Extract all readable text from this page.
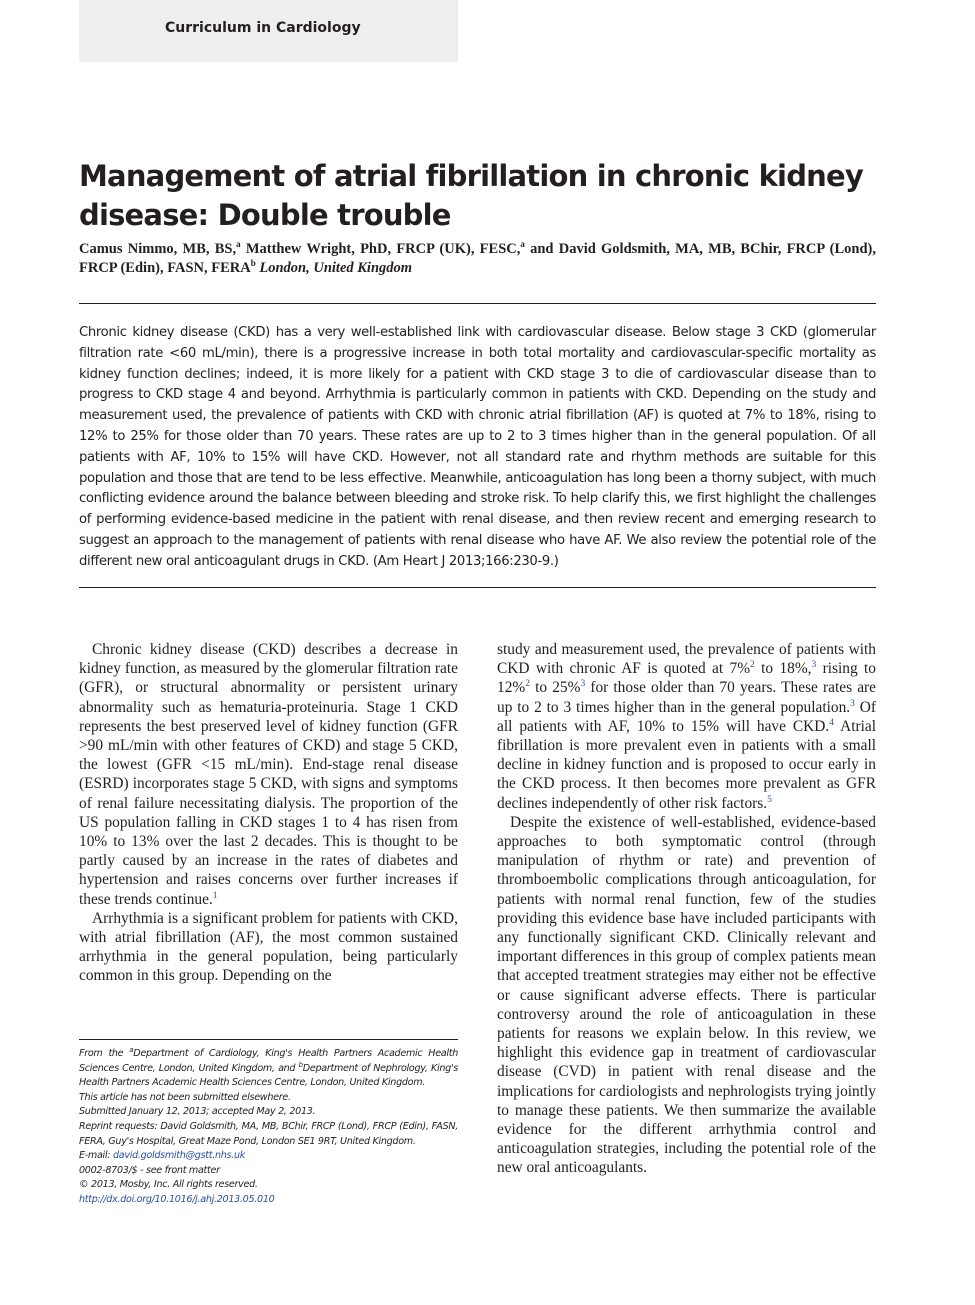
Curriculum in Cardiology
Management of atrial fibrillation in chronic kidney disease: Double trouble

Camus Nimmo, MB, BS,$^a$ Matthew Wright, PhD, FRCP (UK), FESC,$^a$ and David Goldsmith, MA, MB, BChir, FRCP (Lond), FRCP (Edin), FASN, FERA$^b$ London, United Kingdom

Chronic kidney disease (CKD) has a very well-established link with cardiovascular disease. Below stage 3 CKD (glomerular filtration rate <60 mL/min), there is a progressive increase in both total mortality and cardiovascular-specific mortality as kidney function declines; indeed, it is more likely for a patient with CKD stage 3 to die of cardiovascular disease than to progress to CKD stage 4 and beyond. Arrhythmia is particularly common in patients with CKD. Depending on the study and measurement used, the prevalence of patients with CKD with chronic atrial fibrillation (AF) is quoted at 7% to 18%, rising to 12% to 25% for those older than 70 years. These rates are up to 2 to 3 times higher than in the general population. Of all patients with AF, 10% to 15% will have CKD. However, not all standard rate and rhythm methods are suitable for this population and those that are tend to be less effective. Meanwhile, anticoagulation has long been a thorny subject, with much conflicting evidence around the balance between bleeding and stroke risk. To help clarify this, we first highlight the challenges of performing evidence-based medicine in the patient with renal disease, and then review recent and emerging research to suggest an approach to the management of patients with renal disease who have AF. We also review the potential role of the different new oral anticoagulant drugs in CKD. (Am Heart J 2013;166:230-9.)

Chronic kidney disease (CKD) describes a decrease in kidney function, as measured by the glomerular filtration rate (GFR), or structural abnormality or persistent urinary abnormality such as hematuria-proteinuria. Stage 1 CKD represents the best preserved level of kidney function (GFR >90 mL/min with other features of CKD) and stage 5 CKD, the lowest (GFR <15 mL/min). End-stage renal disease (ESRD) incorporates stage 5 CKD, with signs and symptoms of renal failure necessitating dialysis. The proportion of the US population falling in CKD stages 1 to 4 has risen from 10% to 13% over the last 2 decades. This is thought to be partly caused by an increase in the rates of diabetes and hypertension and raises concerns over further increases if these trends continue.$^1$

Arrhythmia is a significant problem for patients with CKD, with atrial fibrillation (AF), the most common sustained arrhythmia in the general population, being particularly common in this group. Depending on the

study and measurement used, the prevalence of patients with CKD with chronic AF is quoted at 7%$^2$ to 18%,$^3$ rising to 12%$^2$ to 25%$^3$ for those older than 70 years. These rates are up to 2 to 3 times higher than in the general population.$^3$ Of all patients with AF, 10% to 15% will have CKD.$^4$ Atrial fibrillation is more prevalent even in patients with a small decline in kidney function and is proposed to occur early in the CKD process. It then becomes more prevalent as GFR declines independently of other risk factors.$^5$

Despite the existence of well-established, evidence-based approaches to both symptomatic control (through manipulation of rhythm or rate) and prevention of thromboembolic complications through anticoagulation, for patients with normal renal function, few of the studies providing this evidence base have included participants with any functionally significant CKD. Clinically relevant and important differences in this group of complex patients mean that accepted treatment strategies may either not be effective or cause significant adverse effects. There is particular controversy around the role of anticoagulation in these patients for reasons we explain below. In this review, we highlight this evidence gap in treatment of cardiovascular disease (CVD) in patient with renal disease and the implications for cardiologists and nephrologists trying jointly to manage these patients. We then summarize the available evidence for the different arrhythmia control and anticoagulation strategies, including the potential role of the new oral anticoagulants.

From the $^a$Department of Cardiology, King's Health Partners Academic Health Sciences Centre, London, United Kingdom, and $^b$Department of Nephrology, King's Health Partners Academic Health Sciences Centre, London, United Kingdom.
This article has not been submitted elsewhere.
Submitted January 12, 2013; accepted May 2, 2013.
Reprint requests: David Goldsmith, MA, MB, BChir, FRCP (Lond), FRCP (Edin), FASN, FERA, Guy's Hospital, Great Maze Pond, London SE1 9RT, United Kingdom.
E-mail: david.goldsmith@gstt.nhs.uk
0002-8703/$ - see front matter
© 2013, Mosby, Inc. All rights reserved.
http://dx.doi.org/10.1016/j.ahj.2013.05.010
